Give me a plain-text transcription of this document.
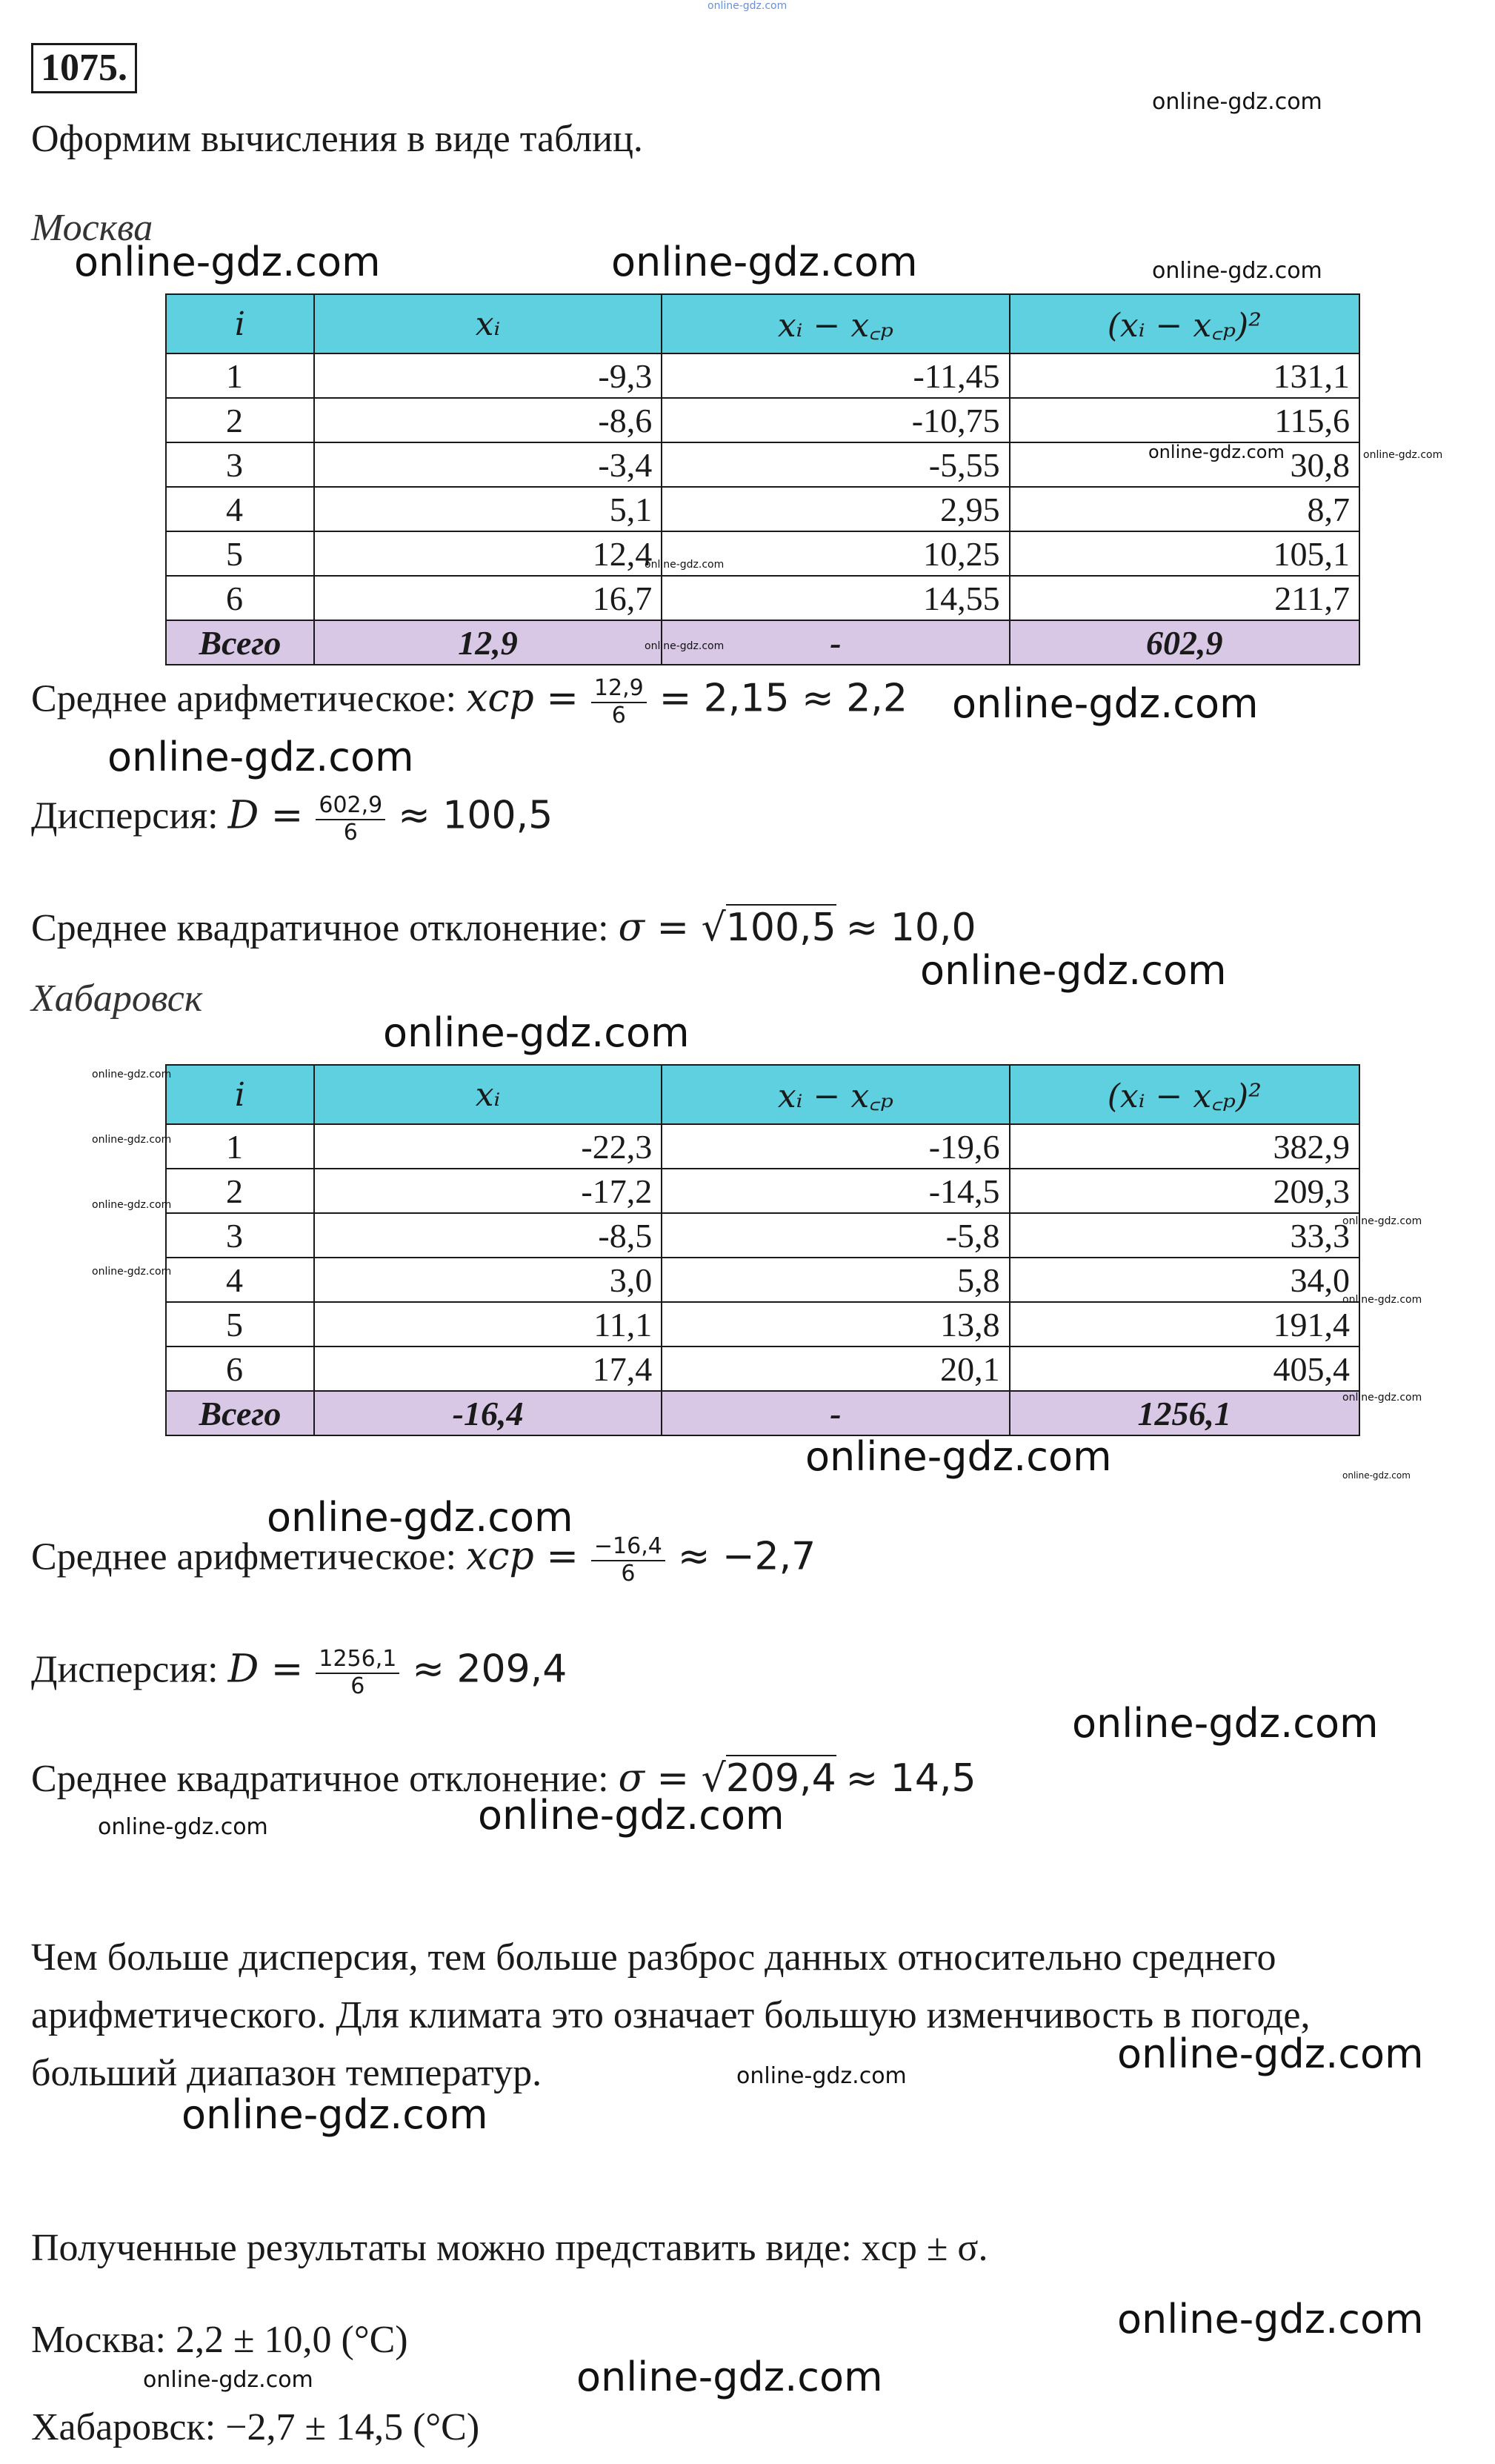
online-gdz.com
1075.
Оформим вычисления в виде таблиц.
Москва
i	xᵢ	xᵢ − x꜀ₚ	(xᵢ − x꜀ₚ)²
1	-9,3	-11,45	131,1
2	-8,6	-10,75	115,6
3	-3,4	-5,55	30,8
4	5,1	2,95	8,7
5	12,4	10,25	105,1
6	16,7	14,55	211,7
Всего	12,9	-	602,9
Среднее арифметическое: xcp = $\frac{12,9}{6} = 2,15 \approx 2,2$
Дисперсия: $D = \frac{602,9}{6} \approx 100,5$
Среднее квадратичное отклонение: σ = √100,5 ≈ 10,0
Хабаровск
i	xᵢ	xᵢ − x꜀ₚ	(xᵢ − x꜀ₚ)²
1	-22,3	-19,6	382,9
2	-17,2	-14,5	209,3
3	-8,5	-5,8	33,3
4	3,0	5,8	34,0
5	11,1	13,8	191,4
6	17,4	20,1	405,4
Всего	-16,4	-	1256,1
Среднее арифметическое: xcp = $\frac{-16,4}{6} \approx -2,7$
Дисперсия: $D = \frac{1256,1}{6} \approx 209,4$
Среднее квадратичное отклонение: σ = √209,4 ≈ 14,5
Чем больше дисперсия, тем больше разброс данных относительно среднего
арифметического. Для климата это означает большую изменчивость в погоде,
больший диапазон температур.
Полученные результаты можно представить виде: xcp ± σ.
Москва: 2,2 ± 10,0 (°C)
Хабаровск: −2,7 ± 14,5 (°C)
online-gdz.com
online-gdz.com	online-gdz.com	online-gdz.com
online-gdz.com	online-gdz.com
online-gdz.com
online-gdz.com
online-gdz.com
online-gdz.com
online-gdz.com
online-gdz.com
online-gdz.com
online-gdz.com
online-gdz.com
online-gdz.com
online-gdz.com
online-gdz.com
online-gdz.com
online-gdz.com
online-gdz.com
online-gdz.com
online-gdz.com
online-gdz.com
online-gdz.com
online-gdz.com
online-gdz.com
online-gdz.com
online-gdz.com
online-gdz.com	online-gdz.com
